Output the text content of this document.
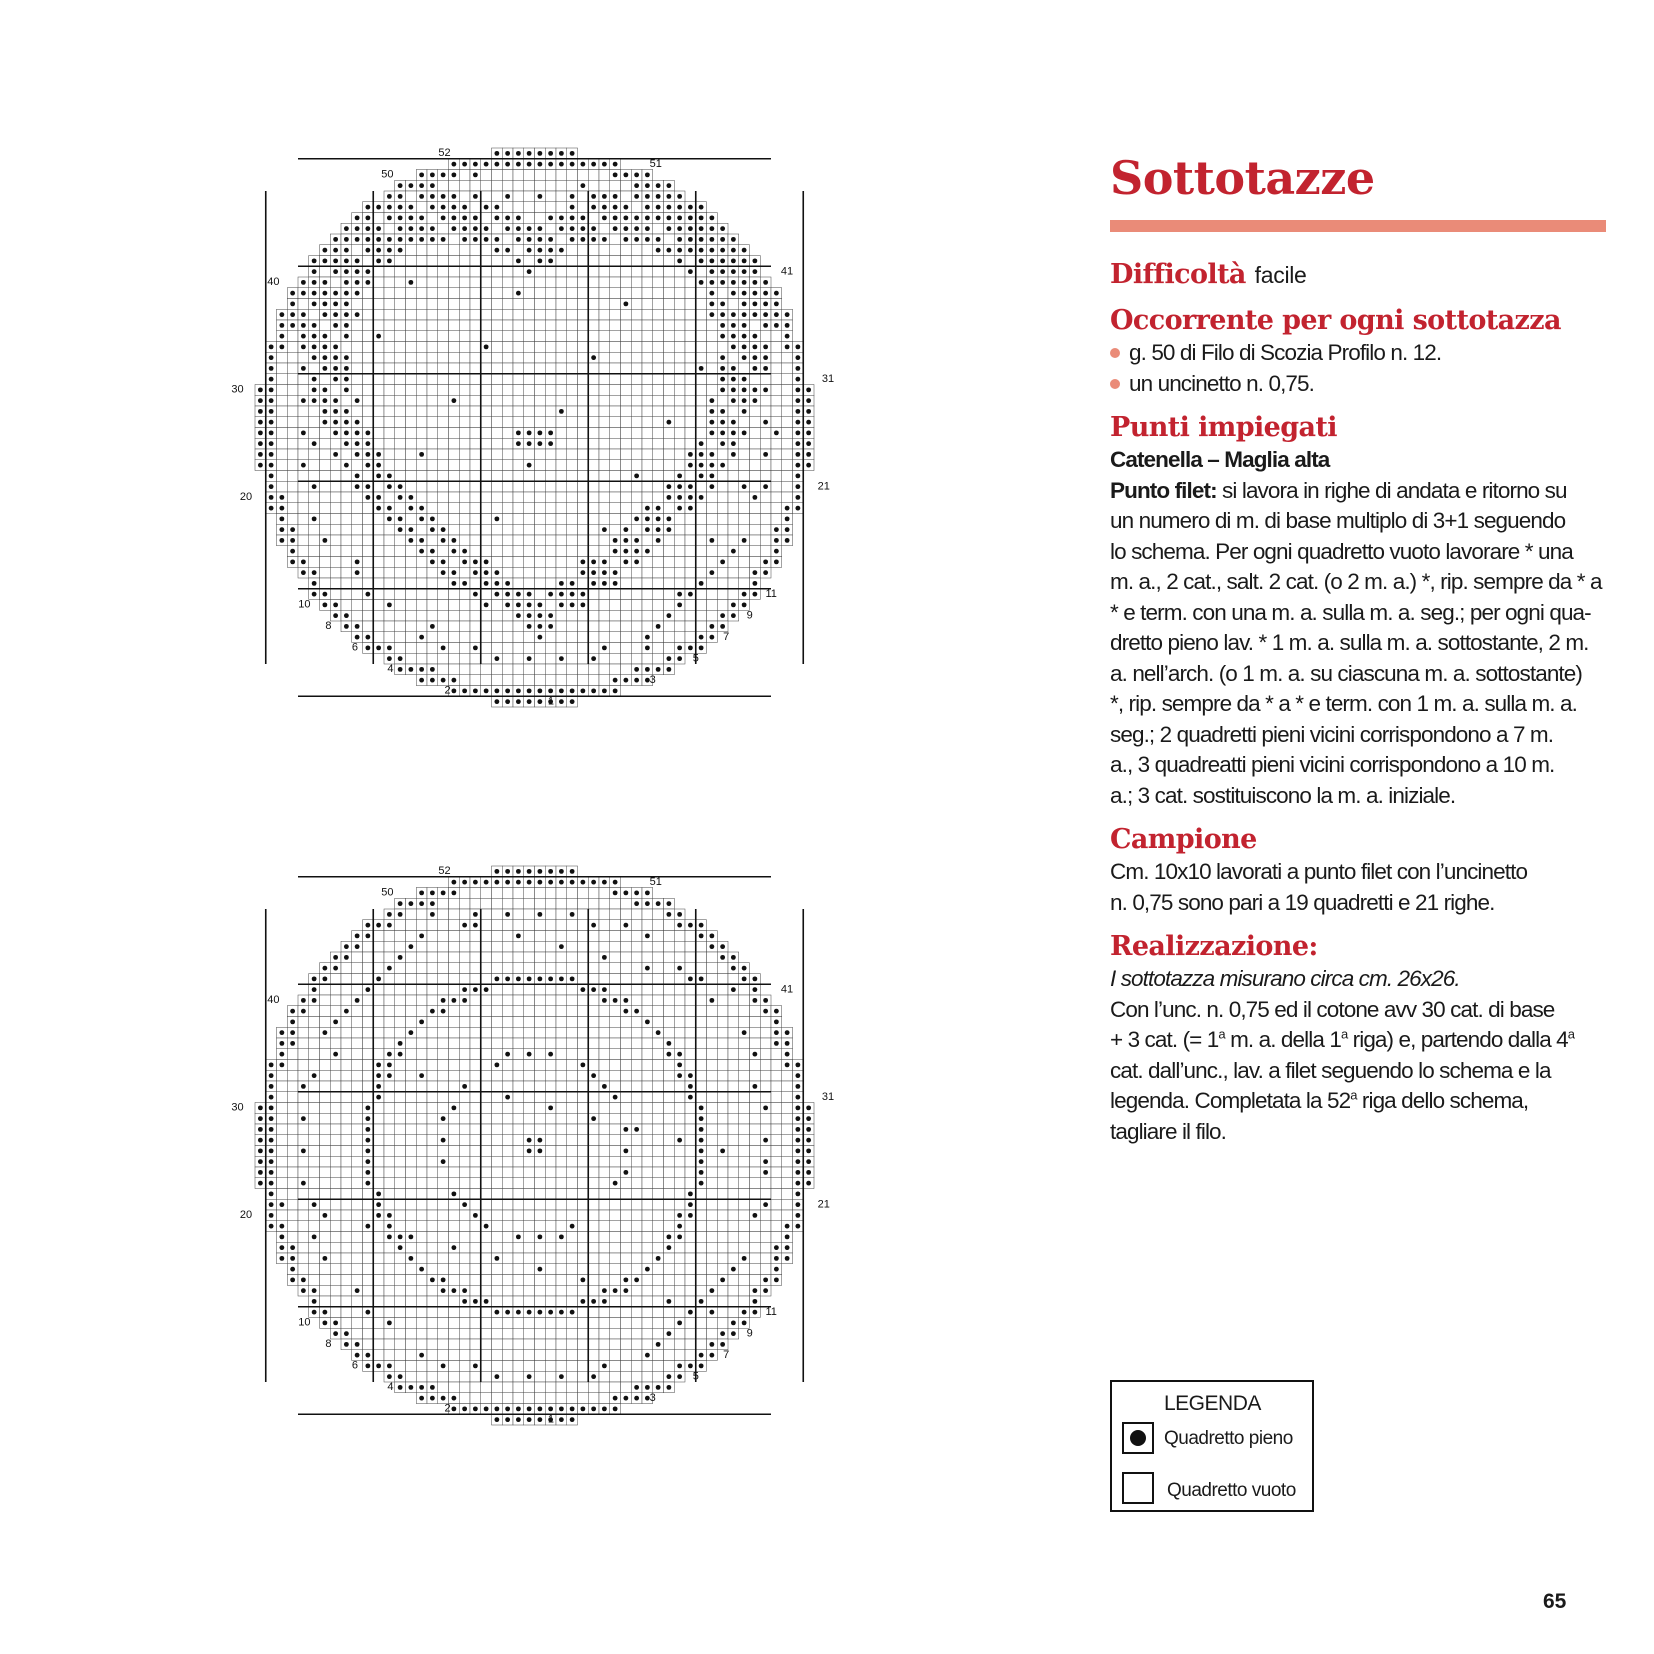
52
50
40
30
20
10
8
6
4
2
51
41
31
21
11
9
7
5
3
1
52
50
40
30
20
10
8
6
4
2
51
41
31
21
11
9
7
5
3
1
Sottotazze
Difficoltà facile
Occorrente per ogni sottotazza
g. 50 di Filo di Scozia Profilo n. 12.
un uncinetto n. 0,75.
Punti impiegati
Catenella – Maglia alta
Punto filet: si lavora in righe di andata e ritorno su
un numero di m. di base multiplo di 3+1 seguendo
lo schema. Per ogni quadretto vuoto lavorare * una
m. a., 2 cat., salt. 2 cat. (o 2 m. a.) *, rip. sempre da * a
* e term. con una m. a. sulla m. a. seg.; per ogni qua-
dretto pieno lav. * 1 m. a. sulla m. a. sottostante, 2 m.
a. nell’arch. (o 1 m. a. su ciascuna m. a. sottostante)
*, rip. sempre da * a * e term. con 1 m. a. sulla m. a.
seg.; 2 quadretti pieni vicini corrispondono a 7 m.
a., 3 quadreatti pieni vicini corrispondono a 10 m.
a.; 3 cat. sostituiscono la m. a. iniziale.
Campione
Cm. 10x10 lavorati a punto filet con l’uncinetto
n. 0,75 sono pari a 19 quadretti e 21 righe.
Realizzazione:
I sottotazza misurano circa cm. 26x26.
Con l’unc. n. 0,75 ed il cotone avv 30 cat. di base
+ 3 cat. (= $1^a$ m. a. della 1$^a$ riga) e, partendo dalla 4$^a$
cat. dall’unc., lav. a filet seguendo lo schema e la
legenda. Completata la 52$^a$ riga dello schema,
tagliare il filo.
LEGENDA
Quadretto pieno
Quadretto vuoto
65
